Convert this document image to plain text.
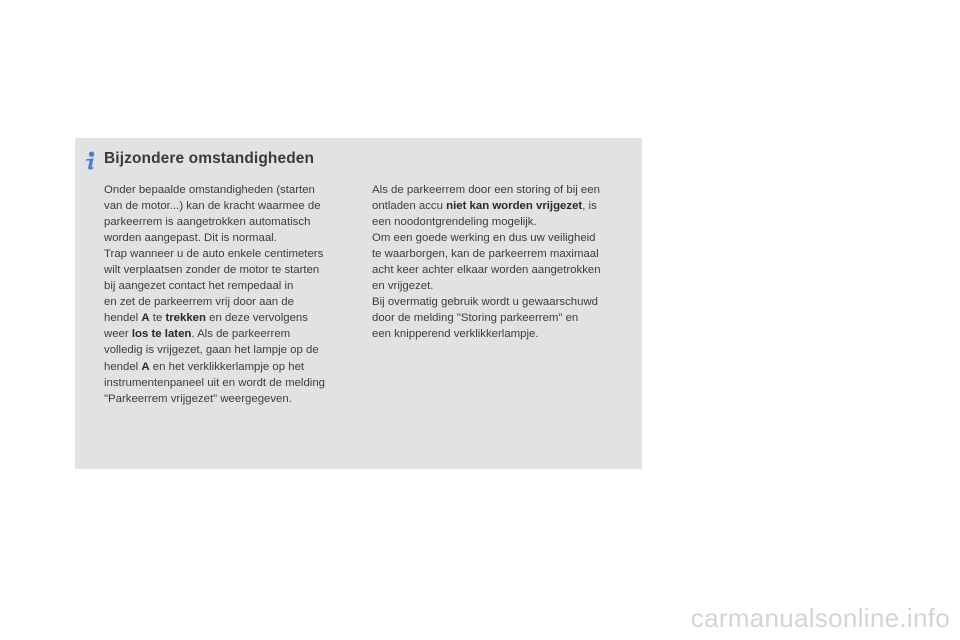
Bijzondere omstandigheden
Onder bepaalde omstandigheden (starten
van de motor...) kan de kracht waarmee de
parkeerrem is aangetrokken automatisch
worden aangepast. Dit is normaal.
Trap wanneer u de auto enkele centimeters
wilt verplaatsen zonder de motor te starten
bij aangezet contact het rempedaal in
en zet de parkeerrem vrij door aan de
hendel A te trekken en deze vervolgens
weer los te laten. Als de parkeerrem
volledig is vrijgezet, gaan het lampje op de
hendel A en het verklikkerlampje op het
instrumentenpaneel uit en wordt de melding
"Parkeerrem vrijgezet" weergegeven.
Als de parkeerrem door een storing of bij een
ontladen accu niet kan worden vrijgezet, is
een noodontgrendeling mogelijk.
Om een goede werking en dus uw veiligheid
te waarborgen, kan de parkeerrem maximaal
acht keer achter elkaar worden aangetrokken
en vrijgezet.
Bij overmatig gebruik wordt u gewaarschuwd
door de melding "Storing parkeerrem" en
een knipperend verklikkerlampje.
carmanualsonline.info
